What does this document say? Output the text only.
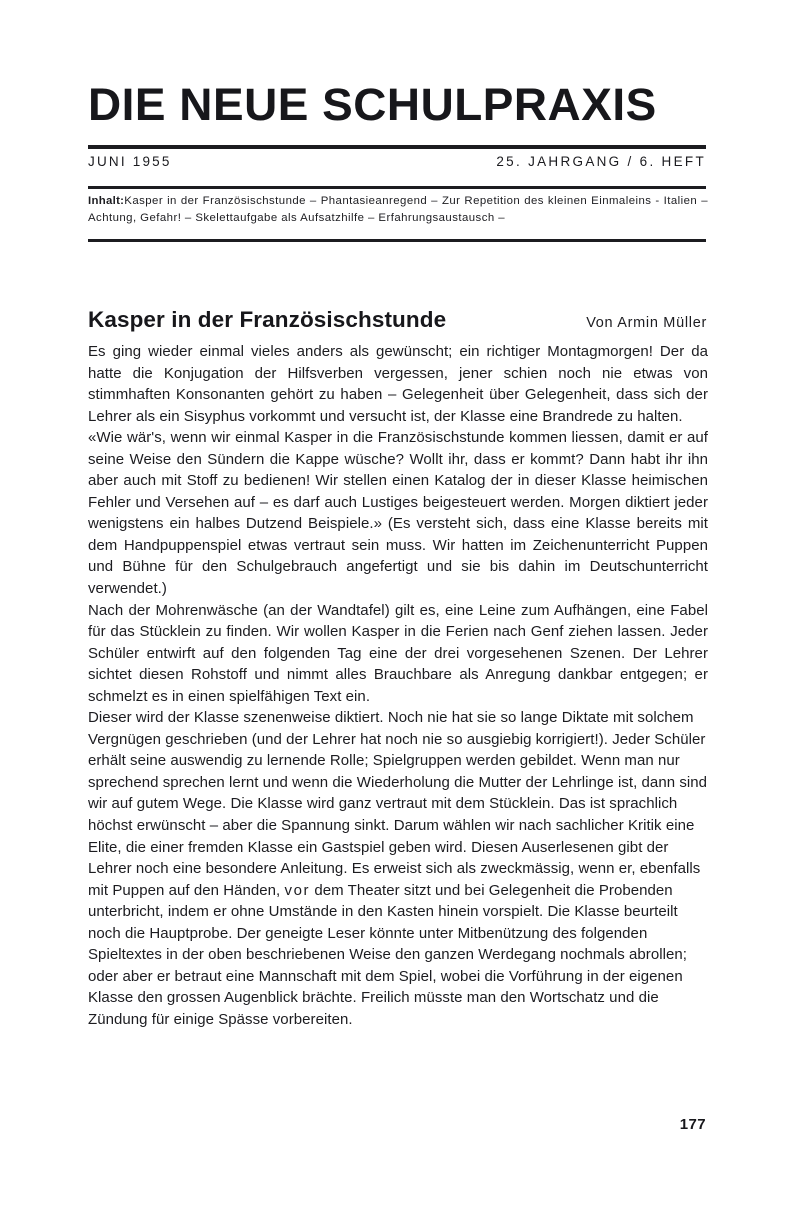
DIE NEUE SCHULPRAXIS
JUNI 1955	25. JAHRGANG / 6. HEFT
Inhalt:Kasper in der Französischstunde – Phantasieanregend – Zur Repetition des kleinen Einmaleins - Italien – Achtung, Gefahr! – Skelettaufgabe als Aufsatzhilfe – Erfahrungsaustausch –
Kasper in der Französischstunde	Von Armin Müller

Es ging wieder einmal vieles anders als gewünscht; ein richtiger Montagmorgen! Der da hatte die Konjugation der Hilfsverben vergessen, jener schien noch nie etwas von stimmhaften Konsonanten gehört zu haben – Gelegenheit über Gelegenheit, dass sich der Lehrer als ein Sisyphus vorkommt und versucht ist, der Klasse eine Brandrede zu halten.

«Wie wär's, wenn wir einmal Kasper in die Französischstunde kommen liessen, damit er auf seine Weise den Sündern die Kappe wüsche? Wollt ihr, dass er kommt? Dann habt ihr ihn aber auch mit Stoff zu bedienen! Wir stellen einen Katalog der in dieser Klasse heimischen Fehler und Versehen auf – es darf auch Lustiges beigesteuert werden. Morgen diktiert jeder wenigstens ein halbes Dutzend Beispiele.» (Es versteht sich, dass eine Klasse bereits mit dem Handpuppenspiel etwas vertraut sein muss. Wir hatten im Zeichenunterricht Puppen und Bühne für den Schulgebrauch angefertigt und sie bis dahin im Deutschunterricht verwendet.)

Nach der Mohrenwäsche (an der Wandtafel) gilt es, eine Leine zum Aufhängen, eine Fabel für das Stücklein zu finden. Wir wollen Kasper in die Ferien nach Genf ziehen lassen. Jeder Schüler entwirft auf den folgenden Tag eine der drei vorgesehenen Szenen. Der Lehrer sichtet diesen Rohstoff und nimmt alles Brauchbare als Anregung dankbar entgegen; er schmelzt es in einen spielfähigen Text ein.

Dieser wird der Klasse szenenweise diktiert. Noch nie hat sie so lange Diktate mit solchem Vergnügen geschrieben (und der Lehrer hat noch nie so ausgiebig korrigiert!). Jeder Schüler erhält seine auswendig zu lernende Rolle; Spielgruppen werden gebildet. Wenn man nur sprechend sprechen lernt und wenn die Wiederholung die Mutter der Lehrlinge ist, dann sind wir auf gutem Wege. Die Klasse wird ganz vertraut mit dem Stücklein. Das ist sprachlich höchst erwünscht – aber die Spannung sinkt. Darum wählen wir nach sachlicher Kritik eine Elite, die einer fremden Klasse ein Gastspiel geben wird. Diesen Auserlesenen gibt der Lehrer noch eine besondere Anleitung. Es erweist sich als zweckmässig, wenn er, ebenfalls mit Puppen auf den Händen, vor dem Theater sitzt und bei Gelegenheit die Probenden unterbricht, indem er ohne Umstände in den Kasten hinein vorspielt. Die Klasse beurteilt noch die Hauptprobe. Der geneigte Leser könnte unter Mitbenützung des folgenden Spieltextes in der oben beschriebenen Weise den ganzen Werdegang nochmals abrollen; oder aber er betraut eine Mannschaft mit dem Spiel, wobei die Vorführung in der eigenen Klasse den grossen Augenblick brächte. Freilich müsste man den Wortschatz und die Zündung für einige Spässe vorbereiten.

177
